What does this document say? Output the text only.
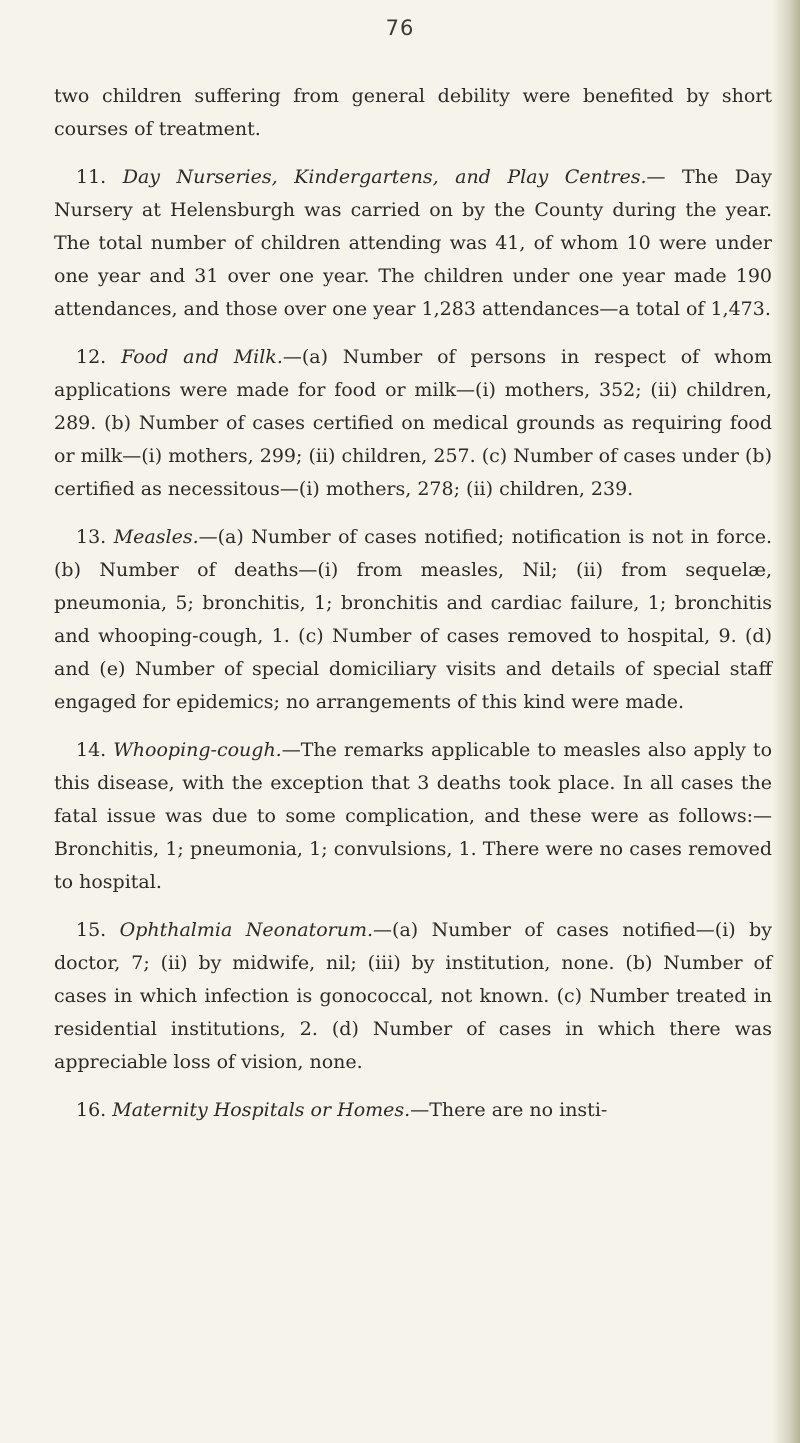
76

two children suffering from general debility were benefited by short courses of treatment.

11. Day Nurseries, Kindergartens, and Play Centres.— The Day Nursery at Helensburgh was carried on by the County during the year. The total number of children attending was 41, of whom 10 were under one year and 31 over one year. The children under one year made 190 attendances, and those over one year 1,283 attendances—a total of 1,473.

12. Food and Milk.—(a) Number of persons in respect of whom applications were made for food or milk—(i) mothers, 352; (ii) children, 289. (b) Number of cases certified on medical grounds as requiring food or milk—(i) mothers, 299; (ii) children, 257. (c) Number of cases under (b) certified as necessitous—(i) mothers, 278; (ii) children, 239.

13. Measles.—(a) Number of cases notified; notification is not in force. (b) Number of deaths—(i) from measles, Nil; (ii) from sequelæ, pneumonia, 5; bronchitis, 1; bronchitis and cardiac failure, 1; bronchitis and whooping-cough, 1. (c) Number of cases removed to hospital, 9. (d) and (e) Number of special domiciliary visits and details of special staff engaged for epidemics; no arrangements of this kind were made.

14. Whooping-cough.—The remarks applicable to measles also apply to this disease, with the exception that 3 deaths took place. In all cases the fatal issue was due to some complication, and these were as follows:—Bronchitis, 1; pneumonia, 1; convulsions, 1. There were no cases removed to hospital.

15. Ophthalmia Neonatorum.—(a) Number of cases notified—(i) by doctor, 7; (ii) by midwife, nil; (iii) by institution, none. (b) Number of cases in which infection is gonococcal, not known. (c) Number treated in residential institutions, 2. (d) Number of cases in which there was appreciable loss of vision, none.

16. Maternity Hospitals or Homes.—There are no insti-
